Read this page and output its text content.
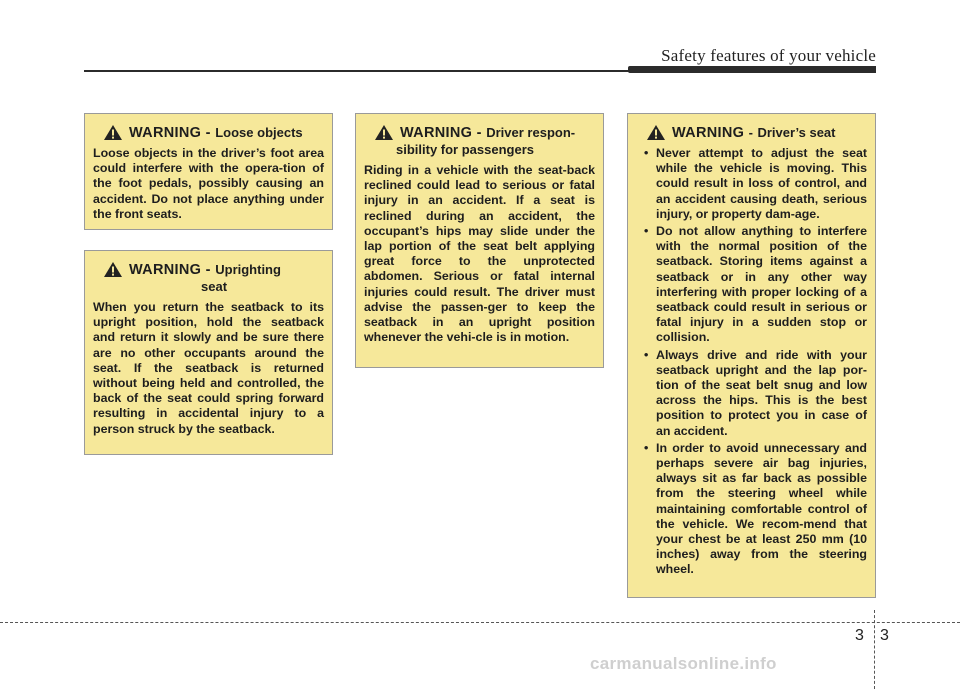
Safety features of your vehicle
WARNING - Loose objects
Loose objects in the driver’s foot area could interfere with the opera-tion of the foot pedals, possibly causing an accident. Do not place anything under the front seats.
WARNING - Uprighting
seat
When you return the seatback to its upright position, hold the seatback and return it slowly and be sure there are no other occupants around the seat. If the seatback is returned without being held and controlled, the back of the seat could spring forward resulting in accidental injury to a person struck by the seatback.
WARNING - Driver respon-
sibility for passengers
Riding in a vehicle with the seat-back reclined could lead to serious or fatal injury in an accident. If a seat is reclined during an accident, the occupant’s hips may slide under the lap portion of the seat belt applying great force to the unprotected abdomen. Serious or fatal internal injuries could result. The driver must advise the passen-ger to keep the seatback in an upright position whenever the vehi-cle is in motion.
WARNING - Driver’s seat
• Never attempt to adjust the seat while the vehicle is moving. This could result in loss of control, and an accident causing death, serious injury, or property dam-age.
• Do not allow anything to interfere with the normal position of the seatback. Storing items against a seatback or in any other way interfering with proper locking of a seatback could result in serious or fatal injury in a sudden stop or collision.
• Always drive and ride with your seatback upright and the lap por-tion of the seat belt snug and low across the hips. This is the best position to protect you in case of an accident.
• In order to avoid unnecessary and perhaps severe air bag injuries, always sit as far back as possible from the steering wheel while maintaining comfortable control of the vehicle. We recom-mend that your chest be at least 250 mm (10 inches) away from the steering wheel.
3 3
carmanualsonline.info
